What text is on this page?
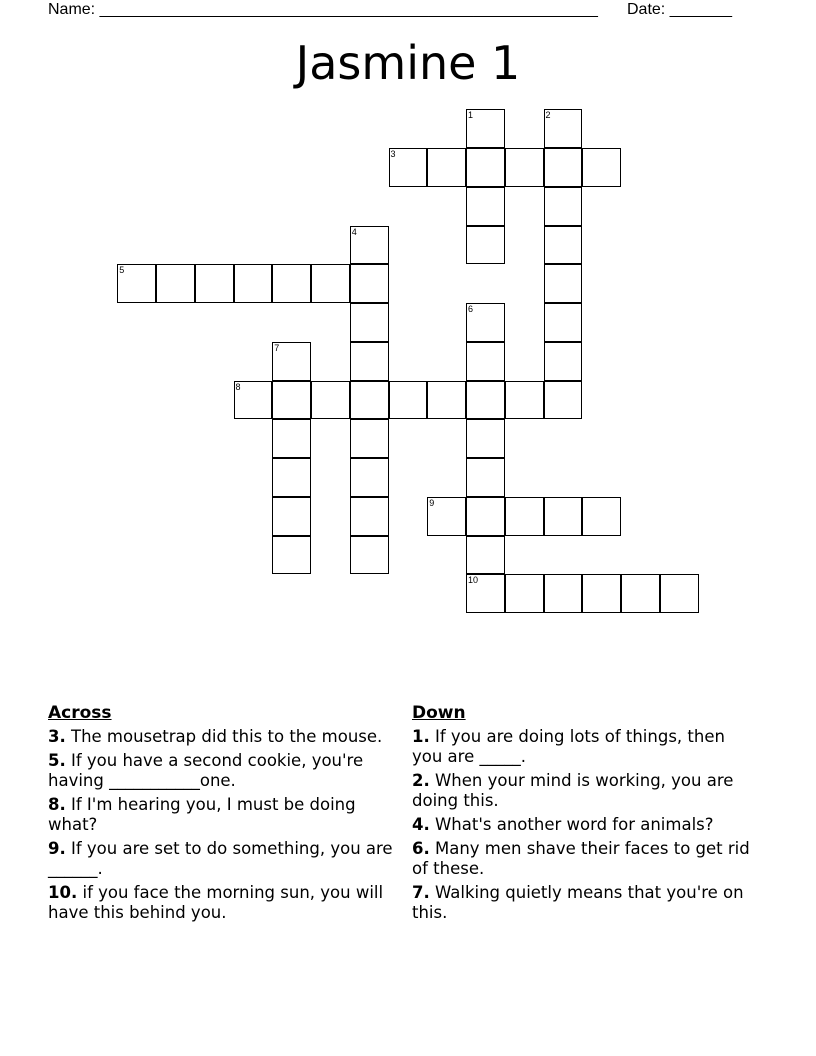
Name: ________________________________________________________ Date: _______
Jasmine 1
1	2
3
4
5
6
10
7
8
9
Across
3. The mousetrap did this to the mouse.
5. If you have a second cookie, you're having ___________one.
8. If I'm hearing you, I must be doing what?
9. If you are set to do something, you are ______.
10. if you face the morning sun, you will have this behind you.
Down
1. If you are doing lots of things, then you are _____.
2. When your mind is working, you are doing this.
4. What's another word for animals?
6. Many men shave their faces to get rid of these.
7. Walking quietly means that you're on this.
